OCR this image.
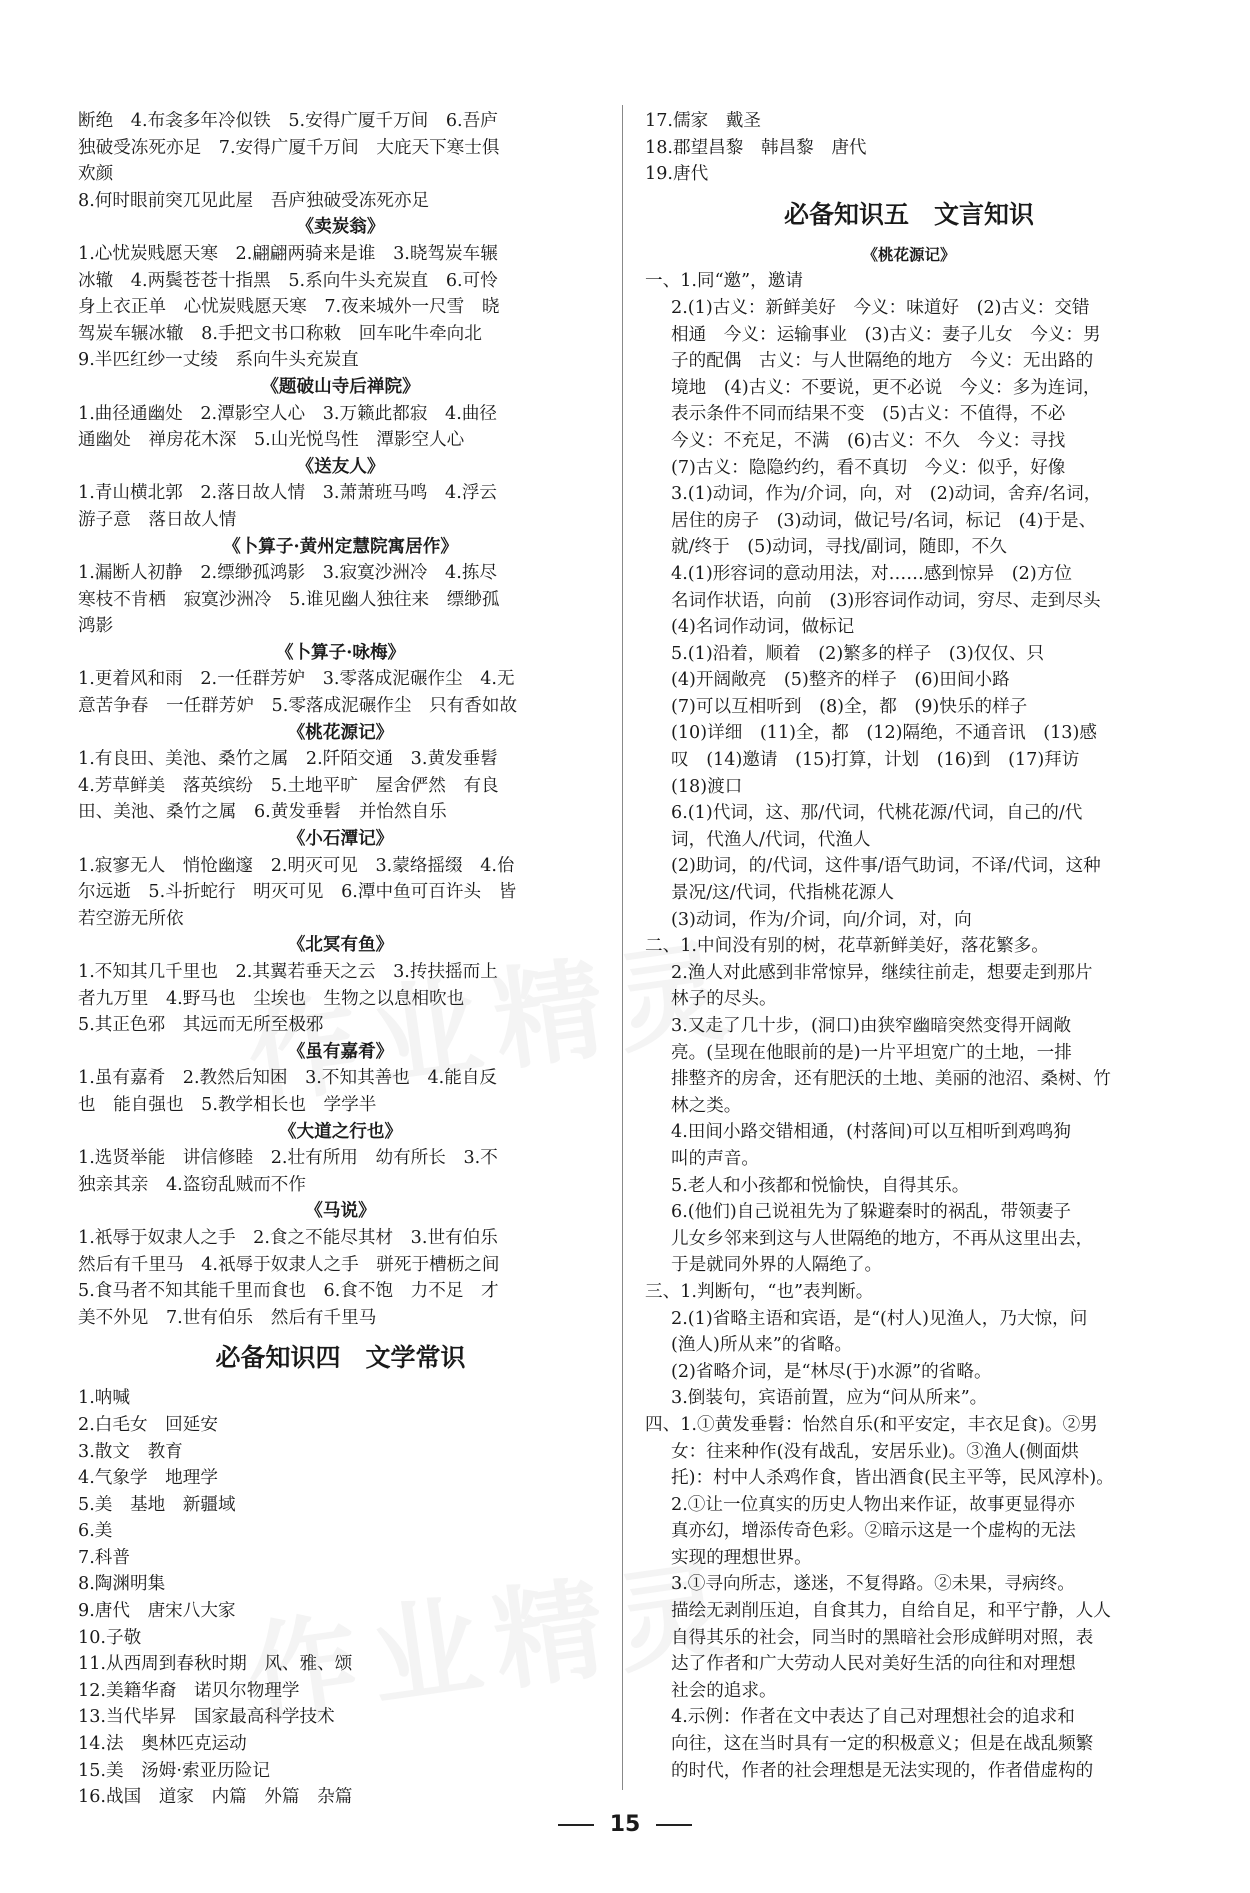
断绝　4.布衾多年冷似铁　5.安得广厦千万间　6.吾庐
独破受冻死亦足　7.安得广厦千万间　大庇天下寒士俱
欢颜
8.何时眼前突兀见此屋　吾庐独破受冻死亦足
《卖炭翁》
1.心忧炭贱愿天寒　2.翩翩两骑来是谁　3.晓驾炭车辗
冰辙　4.两鬓苍苍十指黑　5.系向牛头充炭直　6.可怜
身上衣正单　心忧炭贱愿天寒　7.夜来城外一尺雪　晓
驾炭车辗冰辙　8.手把文书口称敕　回车叱牛牵向北
9.半匹红纱一丈绫　系向牛头充炭直
《题破山寺后禅院》
1.曲径通幽处　2.潭影空人心　3.万籁此都寂　4.曲径
通幽处　禅房花木深　5.山光悦鸟性　潭影空人心
《送友人》
1.青山横北郭　2.落日故人情　3.萧萧班马鸣　4.浮云
游子意　落日故人情
《卜算子·黄州定慧院寓居作》
1.漏断人初静　2.缥缈孤鸿影　3.寂寞沙洲冷　4.拣尽
寒枝不肯栖　寂寞沙洲冷　5.谁见幽人独往来　缥缈孤
鸿影
《卜算子·咏梅》
1.更着风和雨　2.一任群芳妒　3.零落成泥碾作尘　4.无
意苦争春　一任群芳妒　5.零落成泥碾作尘　只有香如故
《桃花源记》
1.有良田、美池、桑竹之属　2.阡陌交通　3.黄发垂髫
4.芳草鲜美　落英缤纷　5.土地平旷　屋舍俨然　有良
田、美池、桑竹之属　6.黄发垂髫　并怡然自乐
《小石潭记》
1.寂寥无人　悄怆幽邃　2.明灭可见　3.蒙络摇缀　4.佁
尔远逝　5.斗折蛇行　明灭可见　6.潭中鱼可百许头　皆
若空游无所依
《北冥有鱼》
1.不知其几千里也　2.其翼若垂天之云　3.抟扶摇而上
者九万里　4.野马也　尘埃也　生物之以息相吹也
5.其正色邪　其远而无所至极邪
《虽有嘉肴》
1.虽有嘉肴　2.教然后知困　3.不知其善也　4.能自反
也　能自强也　5.教学相长也　学学半
《大道之行也》
1.选贤举能　讲信修睦　2.壮有所用　幼有所长　3.不
独亲其亲　4.盗窃乱贼而不作
《马说》
1.祇辱于奴隶人之手　2.食之不能尽其材　3.世有伯乐
然后有千里马　4.祇辱于奴隶人之手　骈死于槽枥之间
5.食马者不知其能千里而食也　6.食不饱　力不足　才
美不外见　7.世有伯乐　然后有千里马
必备知识四　文学常识
1.呐喊
2.白毛女　回延安
3.散文　教育
4.气象学　地理学
5.美　基地　新疆域
6.美
7.科普
8.陶渊明集
9.唐代　唐宋八大家
10.子敬
11.从西周到春秋时期　风、雅、颂
12.美籍华裔　诺贝尔物理学
13.当代毕昇　国家最高科学技术
14.法　奥林匹克运动
15.美　汤姆·索亚历险记
16.战国　道家　内篇　外篇　杂篇
17.儒家　戴圣
18.郡望昌黎　韩昌黎　唐代
19.唐代
必备知识五　文言知识
《桃花源记》
一、1.同“邀”，邀请
2.(1)古义：新鲜美好　今义：味道好　(2)古义：交错
相通　今义：运输事业　(3)古义：妻子儿女　今义：男
子的配偶　古义：与人世隔绝的地方　今义：无出路的
境地　(4)古义：不要说，更不必说　今义：多为连词，
表示条件不同而结果不变　(5)古义：不值得，不必　
今义：不充足，不满　(6)古义：不久　今义：寻找
(7)古义：隐隐约约，看不真切　今义：似乎，好像
3.(1)动词，作为/介词，向，对　(2)动词，舍弃/名词，
居住的房子　(3)动词，做记号/名词，标记　(4)于是、
就/终于　(5)动词，寻找/副词，随即，不久
4.(1)形容词的意动用法，对……感到惊异　(2)方位
名词作状语，向前　(3)形容词作动词，穷尽、走到尽头
(4)名词作动词，做标记
5.(1)沿着，顺着　(2)繁多的样子　(3)仅仅、只
(4)开阔敞亮　(5)整齐的样子　(6)田间小路
(7)可以互相听到　(8)全，都　(9)快乐的样子
(10)详细　(11)全，都　(12)隔绝，不通音讯　(13)感
叹　(14)邀请　(15)打算，计划　(16)到　(17)拜访
(18)渡口
6.(1)代词，这、那/代词，代桃花源/代词，自己的/代
词，代渔人/代词，代渔人
(2)助词，的/代词，这件事/语气助词，不译/代词，这种
景况/这/代词，代指桃花源人
(3)动词，作为/介词，向/介词，对，向
二、1.中间没有别的树，花草新鲜美好，落花繁多。
2.渔人对此感到非常惊异，继续往前走，想要走到那片
林子的尽头。
3.又走了几十步，(洞口)由狭窄幽暗突然变得开阔敞
亮。(呈现在他眼前的是)一片平坦宽广的土地，一排
排整齐的房舍，还有肥沃的土地、美丽的池沼、桑树、竹
林之类。
4.田间小路交错相通，(村落间)可以互相听到鸡鸣狗
叫的声音。
5.老人和小孩都和悦愉快，自得其乐。
6.(他们)自己说祖先为了躲避秦时的祸乱，带领妻子
儿女乡邻来到这与人世隔绝的地方，不再从这里出去，
于是就同外界的人隔绝了。
三、1.判断句，“也”表判断。
2.(1)省略主语和宾语，是“(村人)见渔人，乃大惊，问
(渔人)所从来”的省略。
(2)省略介词，是“林尽(于)水源”的省略。
3.倒装句，宾语前置，应为“问从所来”。
四、1.①黄发垂髫：怡然自乐(和平安定，丰衣足食)。②男
女：往来种作(没有战乱，安居乐业)。③渔人(侧面烘
托)：村中人杀鸡作食，皆出酒食(民主平等，民风淳朴)。
2.①让一位真实的历史人物出来作证，故事更显得亦
真亦幻，增添传奇色彩。②暗示这是一个虚构的无法
实现的理想世界。
3.①寻向所志，遂迷，不复得路。②未果，寻病终。
描绘无剥削压迫，自食其力，自给自足，和平宁静，人人
自得其乐的社会，同当时的黑暗社会形成鲜明对照，表
达了作者和广大劳动人民对美好生活的向往和对理想
社会的追求。
4.示例：作者在文中表达了自己对理想社会的追求和
向往，这在当时具有一定的积极意义；但是在战乱频繁
的时代，作者的社会理想是无法实现的，作者借虚构的
15
